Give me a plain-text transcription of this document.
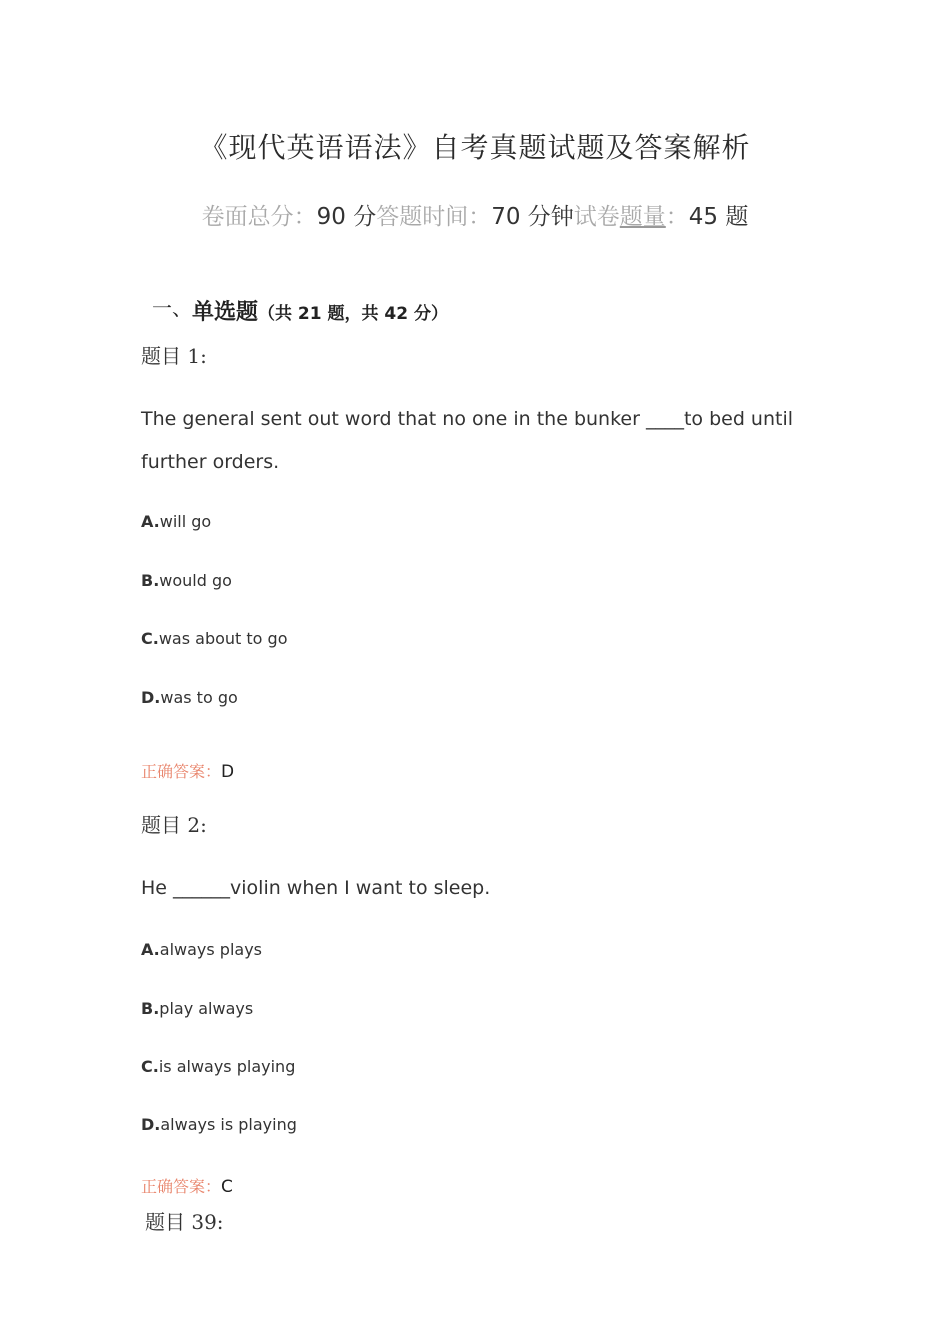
《现代英语语法》自考真题试题及答案解析
卷面总分：90 分答题时间：70 分钟试卷题量：45 题
一、单选题（共 21 题，共 42 分）
题目 1:
The general sent out word that no one in the bunker ____to bed until further orders.
A.will go
B.would go
C.was about to go
D.was to go
正确答案：D
题目 2:
He ______violin when I want to sleep.
A.always plays
B.play always
C.is always playing
D.always is playing
正确答案：C
题目 39:
